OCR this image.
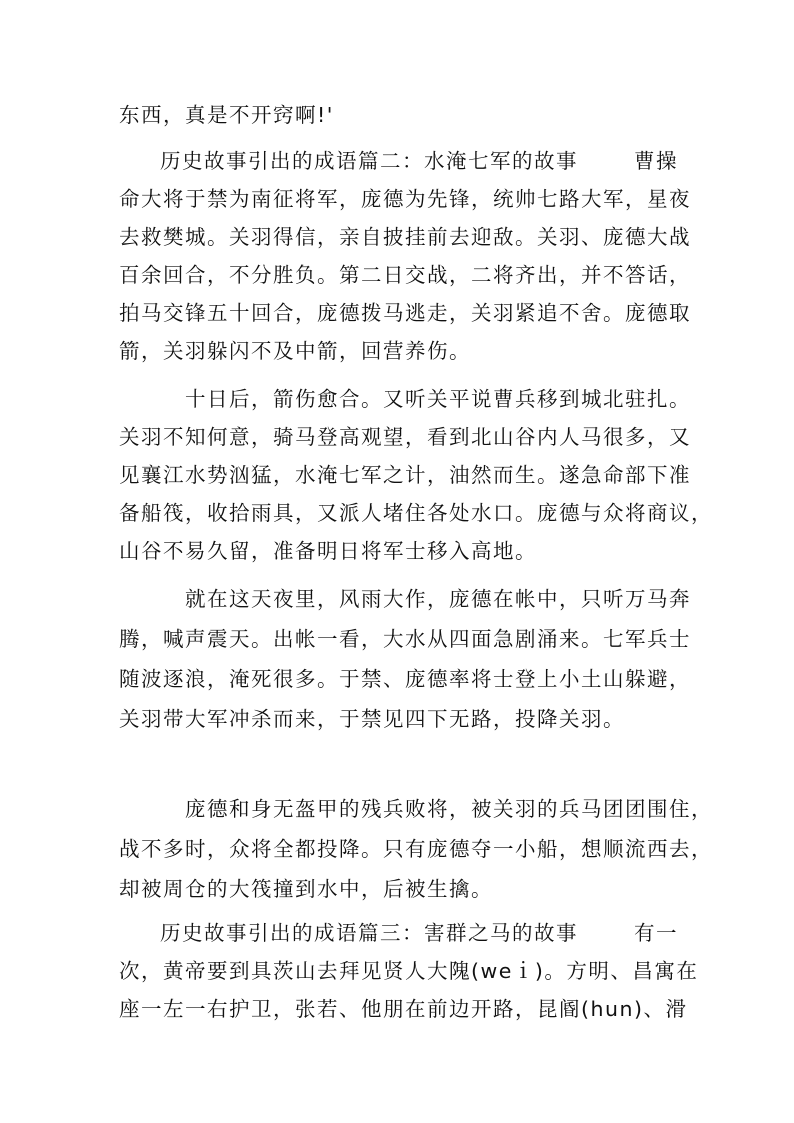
东西，真是不开窍啊!'
历史故事引出的成语篇二：水淹七军的故事	曹操
命大将于禁为南征将军，庞德为先锋，统帅七路大军，星夜
去救樊城。关羽得信，亲自披挂前去迎敌。关羽、庞德大战
百余回合，不分胜负。第二日交战，二将齐出，并不答话，
拍马交锋五十回合，庞德拨马逃走，关羽紧追不舍。庞德取
箭，关羽躲闪不及中箭，回营养伤。
十日后，箭伤愈合。又听关平说曹兵移到城北驻扎。
关羽不知何意，骑马登高观望，看到北山谷内人马很多，又
见襄江水势汹猛，水淹七军之计，油然而生。遂急命部下准
备船筏，收拾雨具，又派人堵住各处水口。庞德与众将商议，
山谷不易久留，准备明日将军士移入高地。
就在这天夜里，风雨大作，庞德在帐中，只听万马奔
腾，喊声震天。出帐一看，大水从四面急剧涌来。七军兵士
随波逐浪，淹死很多。于禁、庞德率将士登上小土山躲避，
关羽带大军冲杀而来，于禁见四下无路，投降关羽。
庞德和身无盔甲的残兵败将，被关羽的兵马团团围住，
战不多时，众将全都投降。只有庞德夺一小船，想顺流西去，
却被周仓的大筏撞到水中，后被生擒。
历史故事引出的成语篇三：害群之马的故事	有一
次，黄帝要到具茨山去拜见贤人大隗(weｉ)。方明、昌寓在
座一左一右护卫，张若、他朋在前边开路，昆阍(hun)、滑
